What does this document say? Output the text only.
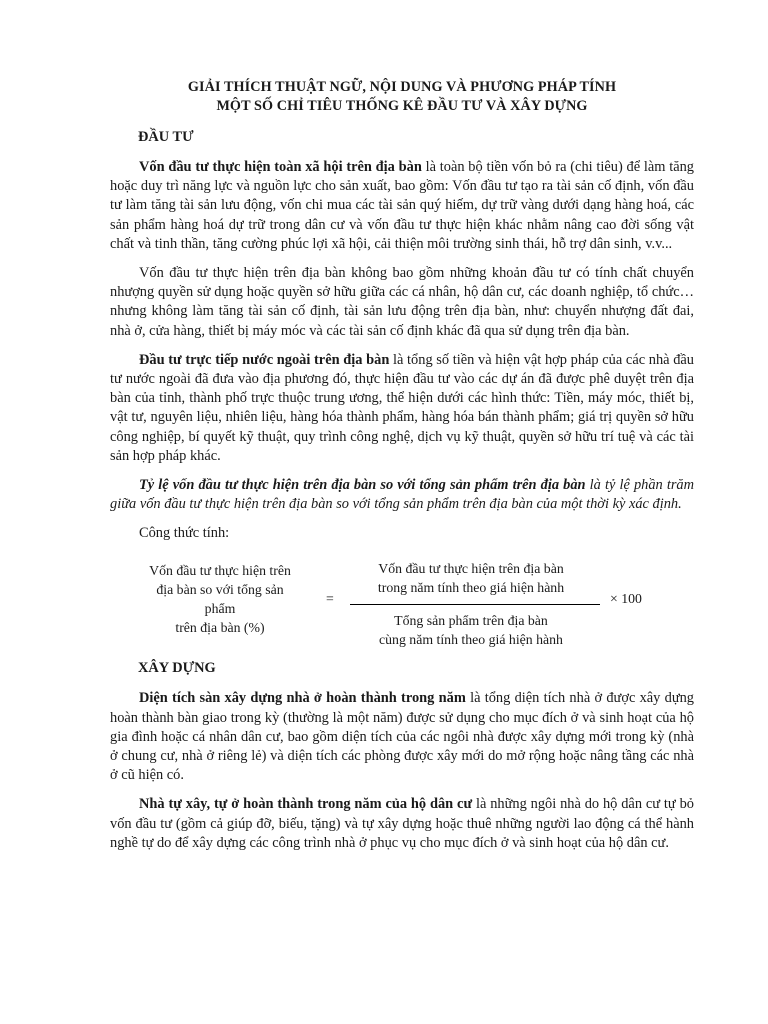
GIẢI THÍCH THUẬT NGỮ, NỘI DUNG VÀ PHƯƠNG PHÁP TÍNH
MỘT SỐ CHỈ TIÊU THỐNG KÊ ĐẦU TƯ VÀ XÂY DỰNG
ĐẦU TƯ

Vốn đầu tư thực hiện toàn xã hội trên địa bàn là toàn bộ tiền vốn bỏ ra (chi tiêu) để làm tăng hoặc duy trì năng lực và nguồn lực cho sản xuất, bao gồm: Vốn đầu tư tạo ra tài sản cố định, vốn đầu tư làm tăng tài sản lưu động, vốn chi mua các tài sản quý hiếm, dự trữ vàng dưới dạng hàng hoá, các sản phẩm hàng hoá dự trữ trong dân cư và vốn đầu tư thực hiện khác nhằm nâng cao đời sống vật chất và tinh thần, tăng cường phúc lợi xã hội, cải thiện môi trường sinh thái, hỗ trợ dân sinh, v.v...

Vốn đầu tư thực hiện trên địa bàn không bao gồm những khoản đầu tư có tính chất chuyển nhượng quyền sử dụng hoặc quyền sở hữu giữa các cá nhân, hộ dân cư, các doanh nghiệp, tổ chức… nhưng không làm tăng tài sản cố định, tài sản lưu động trên địa bàn, như: chuyển nhượng đất đai, nhà ở, cửa hàng, thiết bị máy móc và các tài sản cố định khác đã qua sử dụng trên địa bàn.

Đầu tư trực tiếp nước ngoài trên địa bàn là tổng số tiền và hiện vật hợp pháp của các nhà đầu tư nước ngoài đã đưa vào địa phương đó, thực hiện đầu tư vào các dự án đã được phê duyệt trên địa bàn của tỉnh, thành phố trực thuộc trung ương, thể hiện dưới các hình thức: Tiền, máy móc, thiết bị, vật tư, nguyên liệu, nhiên liệu, hàng hóa thành phẩm, hàng hóa bán thành phẩm; giá trị quyền sở hữu công nghiệp, bí quyết kỹ thuật, quy trình công nghệ, dịch vụ kỹ thuật, quyền sở hữu trí tuệ và các tài sản hợp pháp khác.

Tỷ lệ vốn đầu tư thực hiện trên địa bàn so với tổng sản phẩm trên địa bàn là tỷ lệ phần trăm giữa vốn đầu tư thực hiện trên địa bàn so với tổng sản phẩm trên địa bàn của một thời kỳ xác định.

Công thức tính:
Vốn đầu tư thực hiện trên
địa bàn so với tổng sản
phẩm
trên địa bàn (%)
=
Vốn đầu tư thực hiện trên địa bàn
trong năm tính theo giá hiện hành
Tổng sản phẩm trên địa bàn
cùng năm tính theo giá hiện hành
× 100
XÂY DỰNG

Diện tích sàn xây dựng nhà ở hoàn thành trong năm là tổng diện tích nhà ở được xây dựng hoàn thành bàn giao trong kỳ (thường là một năm) được sử dụng cho mục đích ở và sinh hoạt của hộ gia đình hoặc cá nhân dân cư, bao gồm diện tích của các ngôi nhà được xây dựng mới trong kỳ (nhà ở chung cư, nhà ở riêng lẻ) và diện tích các phòng được xây mới do mở rộng hoặc nâng tầng các nhà ở cũ hiện có.

Nhà tự xây, tự ở hoàn thành trong năm của hộ dân cư là những ngôi nhà do hộ dân cư tự bỏ vốn đầu tư (gồm cả giúp đỡ, biếu, tặng) và tự xây dựng hoặc thuê những người lao động cá thể hành nghề tự do để xây dựng các công trình nhà ở phục vụ cho mục đích ở và sinh hoạt của hộ dân cư.
